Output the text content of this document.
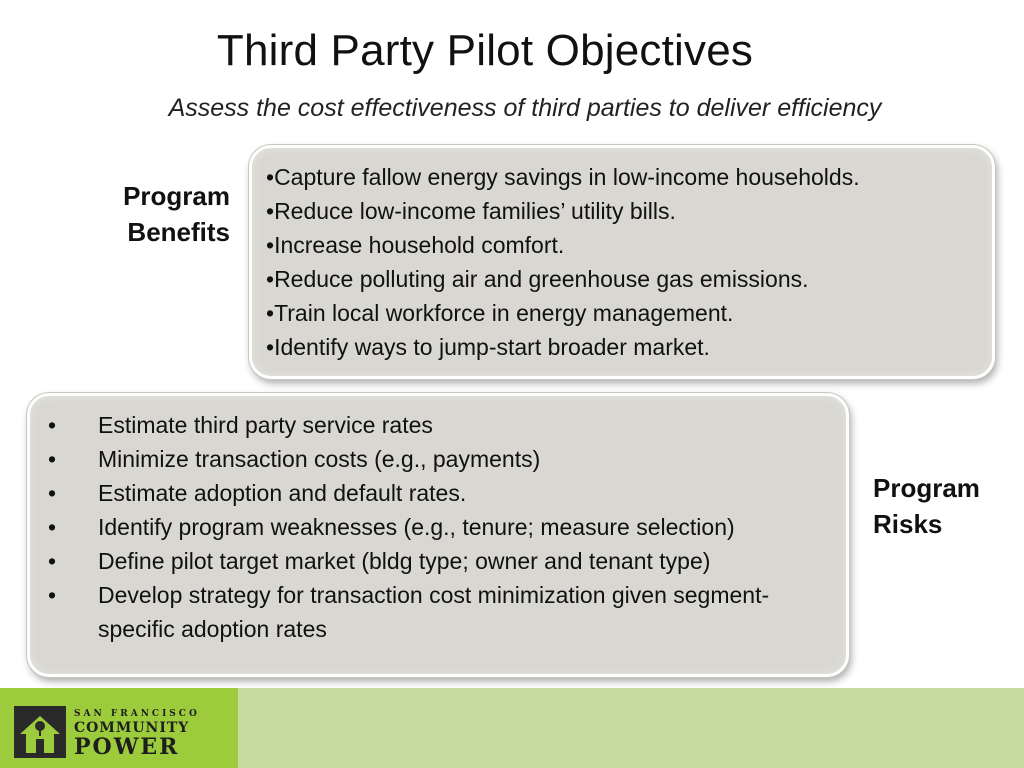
Third Party Pilot Objectives
Assess the cost effectiveness of third parties to deliver efficiency
Program
Benefits
• Capture fallow energy savings in low-income households.
• Reduce low-income families’ utility bills.
• Increase household comfort.
• Reduce polluting air and greenhouse gas emissions.
• Train local workforce in energy management.
• Identify ways to jump-start broader market.
• Estimate third party service rates
• Minimize transaction costs (e.g., payments)
• Estimate adoption and default rates.
• Identify program weaknesses (e.g., tenure; measure selection)
• Define pilot target market (bldg type; owner and tenant type)
• Develop strategy for transaction cost minimization given segment-specific adoption rates
Program
Risks
SAN FRANCISCO
COMMUNITY
POWER
